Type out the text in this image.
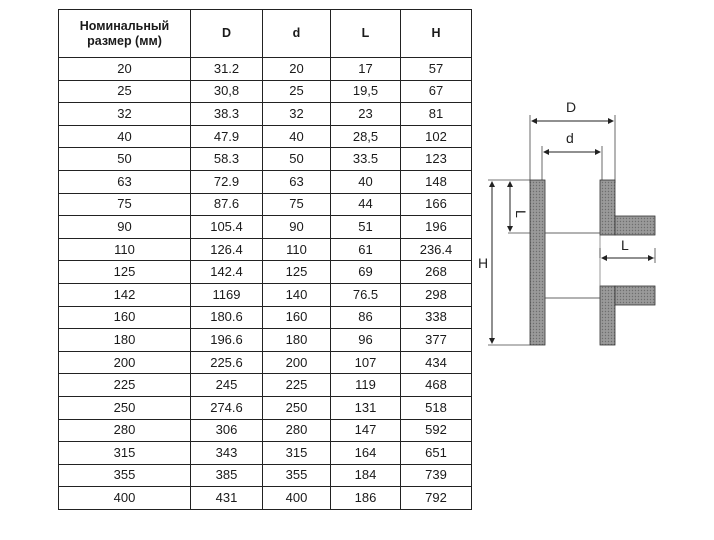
Номинальный размер (мм)	D	d	L	H
20	31.2	20	17	57
25	30,8	25	19,5	67
32	38.3	32	23	81
40	47.9	40	28,5	102
50	58.3	50	33.5	123
63	72.9	63	40	148
75	87.6	75	44	166
90	105.4	90	51	196
110	126.4	110	61	236.4
125	142.4	125	69	268
142	1169	140	76.5	298
160	180.6	160	86	338
180	196.6	180	96	377
200	225.6	200	107	434
225	245	225	119	468
250	274.6	250	131	518
280	306	280	147	592
315	343	315	164	651
355	385	355	184	739
400	431	400	186	792
D
d
H
L
L
